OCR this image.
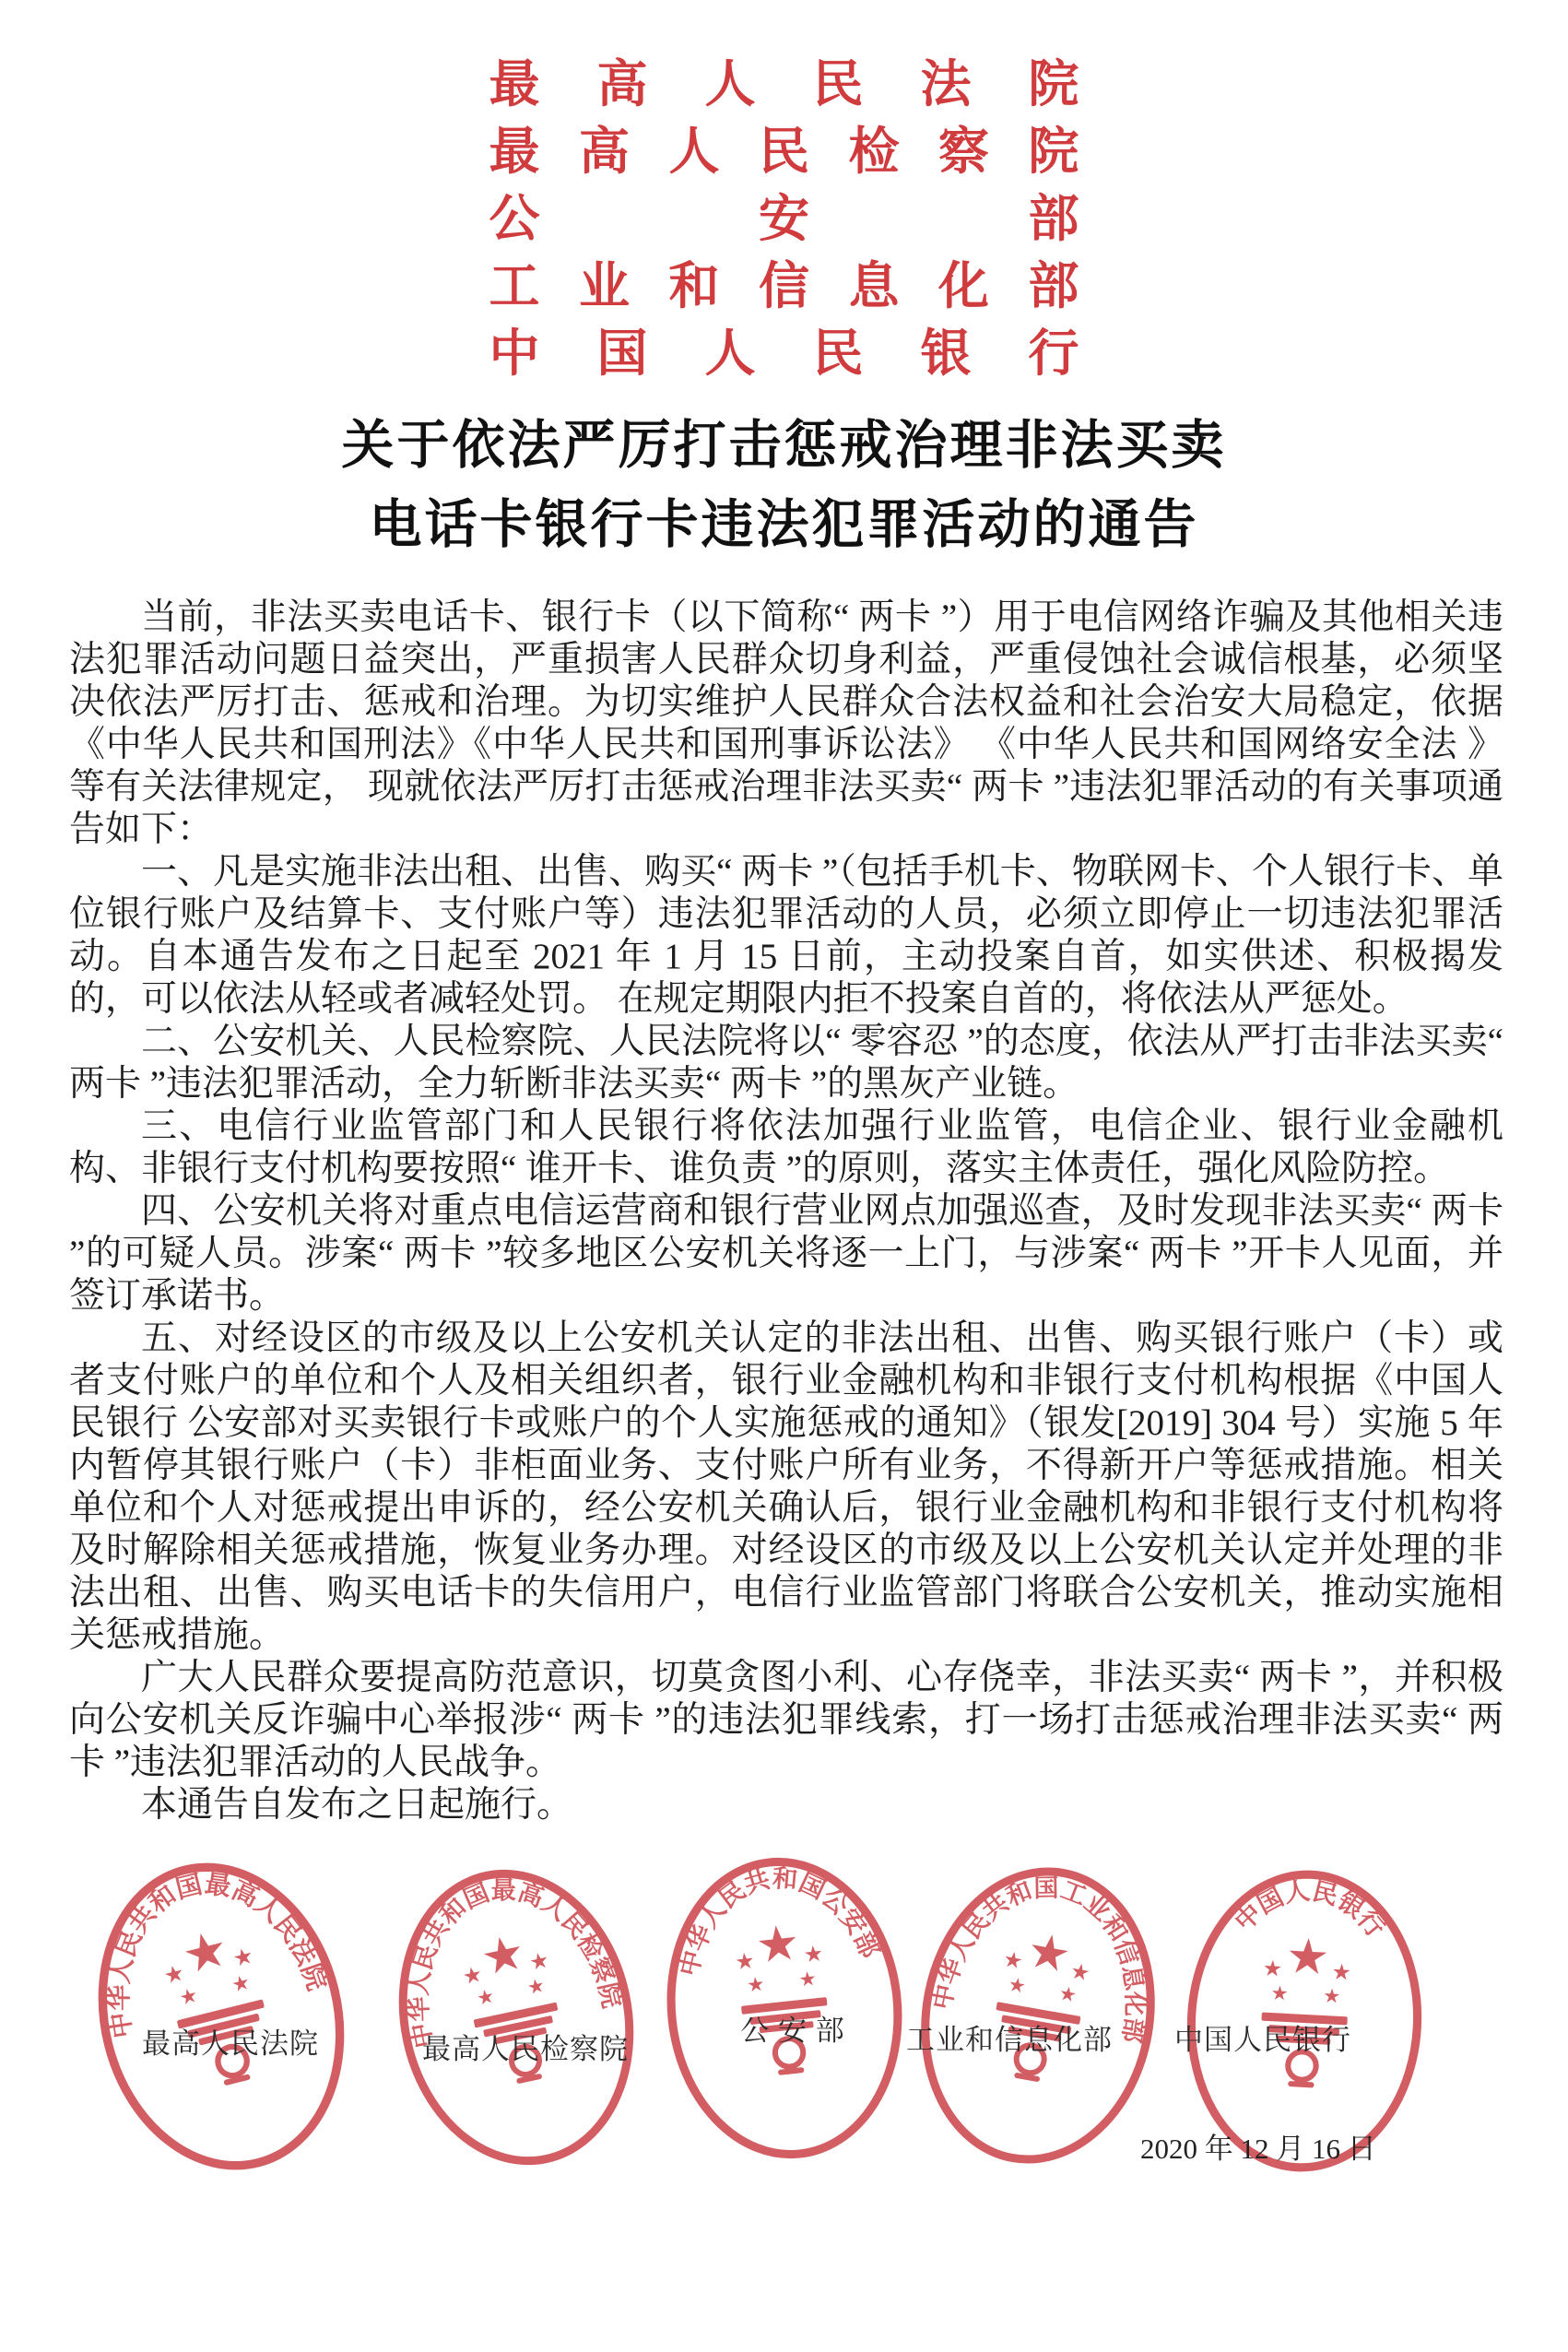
最 高 人 民 法 院
最 高 人 民 检 察 院
公	安	部
工 业 和 信 息 化 部
中 国 人 民 银 行
关于依法严厉打击惩戒治理非法买卖
电话卡银行卡违法犯罪活动的通告

当前，非法买卖电话卡、银行卡（以下简称“ 两卡 ”）用于电信网络诈骗及其他相关违法犯罪活动问题日益突出，严重损害人民群众切身利益，严重侵蚀社会诚信根基，必须坚决依法严厉打击、惩戒和治理。为切实维护人民群众合法权益和社会治安大局稳定，依据《中华人民共和国刑法》《中华人民共和国刑事诉讼法》 《中华人民共和国网络安全法 》 等有关法律规定， 现就依法严厉打击惩戒治理非法买卖“ 两卡 ”违法犯罪活动的有关事项通告如下：

一、凡是实施非法出租、出售、购买“ 两卡 ”（包括手机卡、物联网卡、个人银行卡、单位银行账户及结算卡、支付账户等）违法犯罪活动的人员，必须立即停止一切违法犯罪活动。自本通告发布之日起至 2021 年 1 月 15 日前，主动投案自首，如实供述、积极揭发的，可以依法从轻或者减轻处罚。 在规定期限内拒不投案自首的，将依法从严惩处。

二、公安机关、人民检察院、人民法院将以“ 零容忍 ”的态度，依法从严打击非法买卖“ 两卡 ”违法犯罪活动，全力斩断非法买卖“ 两卡 ”的黑灰产业链。

三、电信行业监管部门和人民银行将依法加强行业监管，电信企业、银行业金融机构、非银行支付机构要按照“ 谁开卡、谁负责 ”的原则，落实主体责任，强化风险防控。

四、公安机关将对重点电信运营商和银行营业网点加强巡查，及时发现非法买卖“ 两卡 ”的可疑人员。涉案“ 两卡 ”较多地区公安机关将逐一上门，与涉案“ 两卡 ”开卡人见面，并签订承诺书。

五、对经设区的市级及以上公安机关认定的非法出租、出售、购买银行账户（卡）或者支付账户的单位和个人及相关组织者，银行业金融机构和非银行支付机构根据《中国人民银行 公安部对买卖银行卡或账户的个人实施惩戒的通知》（银发[2019] 304 号）实施 5 年内暂停其银行账户（卡）非柜面业务、支付账户所有业务，不得新开户等惩戒措施。相关单位和个人对惩戒提出申诉的，经公安机关确认后，银行业金融机构和非银行支付机构将及时解除相关惩戒措施，恢复业务办理。对经设区的市级及以上公安机关认定并处理的非法出租、出售、购买电话卡的失信用户，电信行业监管部门将联合公安机关，推动实施相关惩戒措施。

广大人民群众要提高防范意识，切莫贪图小利、心存侥幸，非法买卖“ 两卡 ”，并积极向公安机关反诈骗中心举报涉“ 两卡 ”的违法犯罪线索，打一场打击惩戒治理非法买卖“ 两卡 ”违法犯罪活动的人民战争。

本通告自发布之日起施行。

中华人民共和国最高人民法院
中华人民共和国最高人民检察院
中华人民共和国公安部
中华人民共和国工业和信息化部
中国人民银行
最高人民法院	最高人民检察院
公 安 部	工业和信息化部	中国人民银行
2020 年 12 月 16 日
